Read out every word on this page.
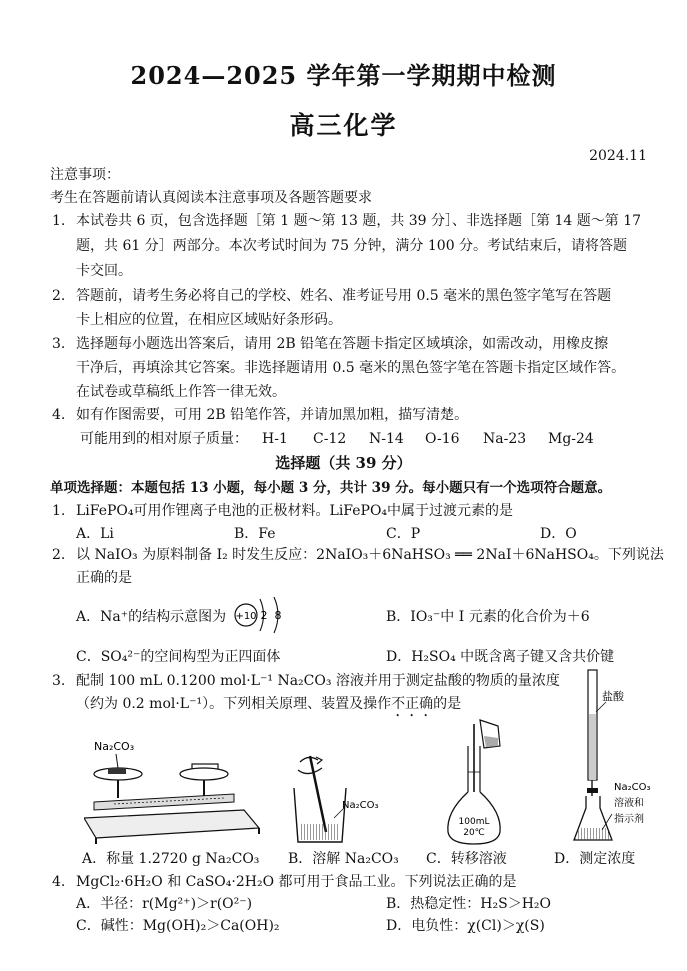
2024—2025 学年第一学期期中检测
高三化学
2024.11
注意事项：
考生在答题前请认真阅读本注意事项及各题答题要求
1. 本试卷共 6 页，包含选择题［第 1 题～第 13 题，共 39 分］、非选择题［第 14 题～第 17
题，共 61 分］两部分。本次考试时间为 75 分钟，满分 100 分。考试结束后，请将答题
卡交回。
2. 答题前，请考生务必将自己的学校、姓名、准考证号用 0.5 毫米的黑色签字笔写在答题
卡上相应的位置，在相应区域贴好条形码。
3. 选择题每小题选出答案后，请用 2B 铅笔在答题卡指定区域填涂，如需改动，用橡皮擦
干净后，再填涂其它答案。非选择题请用 0.5 毫米的黑色签字笔在答题卡指定区域作答。
在试卷或草稿纸上作答一律无效。
4. 如有作图需要，可用 2B 铅笔作答，并请加黑加粗，描写清楚。
可能用到的相对原子质量： H-1 C-12 N-14 O-16 Na-23 Mg-24
选择题（共 39 分）
单项选择题：本题包括 13 小题，每小题 3 分，共计 39 分。每小题只有一个选项符合题意。
1. LiFePO₄可用作锂离子电池的正极材料。LiFePO₄中属于过渡元素的是
A．Li	B．Fe	C．P	D．O
2. 以 NaIO₃ 为原料制备 I₂ 时发生反应：2NaIO₃＋6NaHSO₃ ══ 2NaI＋6NaHSO₄。下列说法
正确的是
A．Na⁺的结构示意图为 +10 2 8	B．IO₃⁻中 I 元素的化合价为＋6
C．SO₄²⁻的空间构型为正四面体	D．H₂SO₄ 中既含离子键又含共价键
3. 配制 100 mL 0.1200 mol·L⁻¹ Na₂CO₃ 溶液并用于测定盐酸的物质的量浓度
（约为 0.2 mol·L⁻¹）。下列相关原理、装置及操作不正确的是
Na₂CO₃
Na₂CO₃
100mL
20℃
盐酸
Na₂CO₃
溶液和
指示剂
A．称量 1.2720 g Na₂CO₃ B．溶解 Na₂CO₃ C．转移溶液	D．测定浓度
4. MgCl₂·6H₂O 和 CaSO₄·2H₂O 都可用于食品工业。下列说法正确的是
A．半径：r(Mg²⁺)＞r(O²⁻)	B．热稳定性：H₂S＞H₂O
C．碱性：Mg(OH)₂＞Ca(OH)₂	D．电负性：χ(Cl)＞χ(S)
